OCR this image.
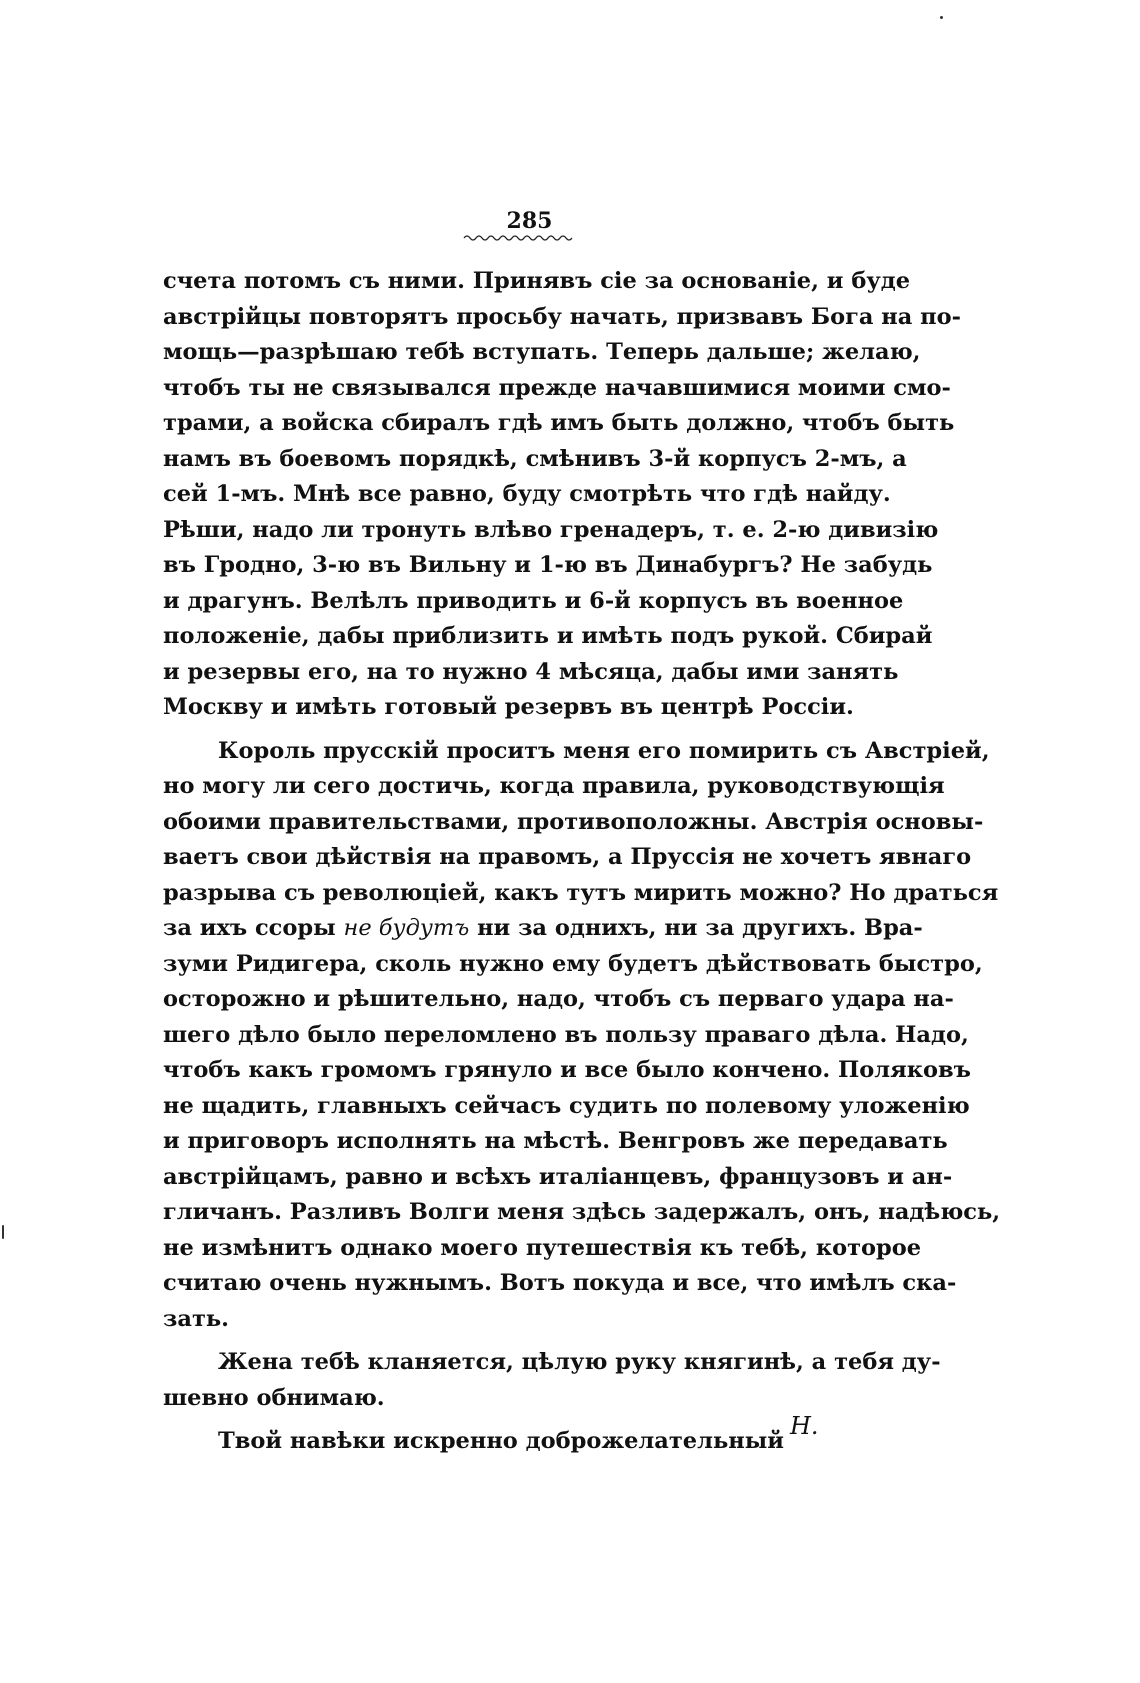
285
счета потомъ съ ними. Принявъ сіе за основаніе, и буде
австрійцы повторятъ просьбу начать, призвавъ Бога на по-
мощь—разрѣшаю тебѣ вступать. Теперь дальше; желаю,
чтобъ ты не связывался прежде начавшимися моими смо-
трами, а войска сбиралъ гдѣ имъ быть должно, чтобъ быть
намъ въ боевомъ порядкѣ, смѣнивъ 3-й корпусъ 2-мъ, а
сей 1-мъ. Мнѣ все равно, буду смотрѣть что гдѣ найду.
Рѣши, надо ли тронуть влѣво гренадеръ, т. е. 2-ю дивизію
въ Гродно, 3-ю въ Вильну и 1-ю въ Динабургъ? Не забудь
и драгунъ. Велѣлъ приводить и 6-й корпусъ въ военное
положеніе, дабы приблизить и имѣть подъ рукой. Сбирай
и резервы его, на то нужно 4 мѣсяца, дабы ими занять
Москву и имѣть готовый резервъ въ центрѣ Россіи.
Король прусскій проситъ меня его помирить съ Австріей,
но могу ли сего достичь, когда правила, руководствующія
обоими правительствами, противоположны. Австрія основы-
ваетъ свои дѣйствія на правомъ, а Пруссія не хочетъ явнаго
разрыва съ революціей, какъ тутъ мирить можно? Но драться
за ихъ ссоры не будутъ ни за однихъ, ни за другихъ. Вра-
зуми Ридигера, сколь нужно ему будетъ дѣйствовать быстро,
осторожно и рѣшительно, надо, чтобъ съ перваго удара на-
шего дѣло было переломлено въ пользу праваго дѣла. Надо,
чтобъ какъ громомъ грянуло и все было кончено. Поляковъ
не щадить, главныхъ сейчасъ судить по полевому уложенію
и приговоръ исполнять на мѣстѣ. Венгровъ же передавать
австрійцамъ, равно и всѣхъ италіанцевъ, французовъ и ан-
гличанъ. Разливъ Волги меня здѣсь задержалъ, онъ, надѣюсь,
не измѣнитъ однако моего путешествія къ тебѣ, которое
считаю очень нужнымъ. Вотъ покуда и все, что имѣлъ ска-
зать.
Жена тебѣ кланяется, цѣлую руку княгинѣ, а тебя ду-
шевно обнимаю.
Твой навѣки искренно доброжелательный
Н.
